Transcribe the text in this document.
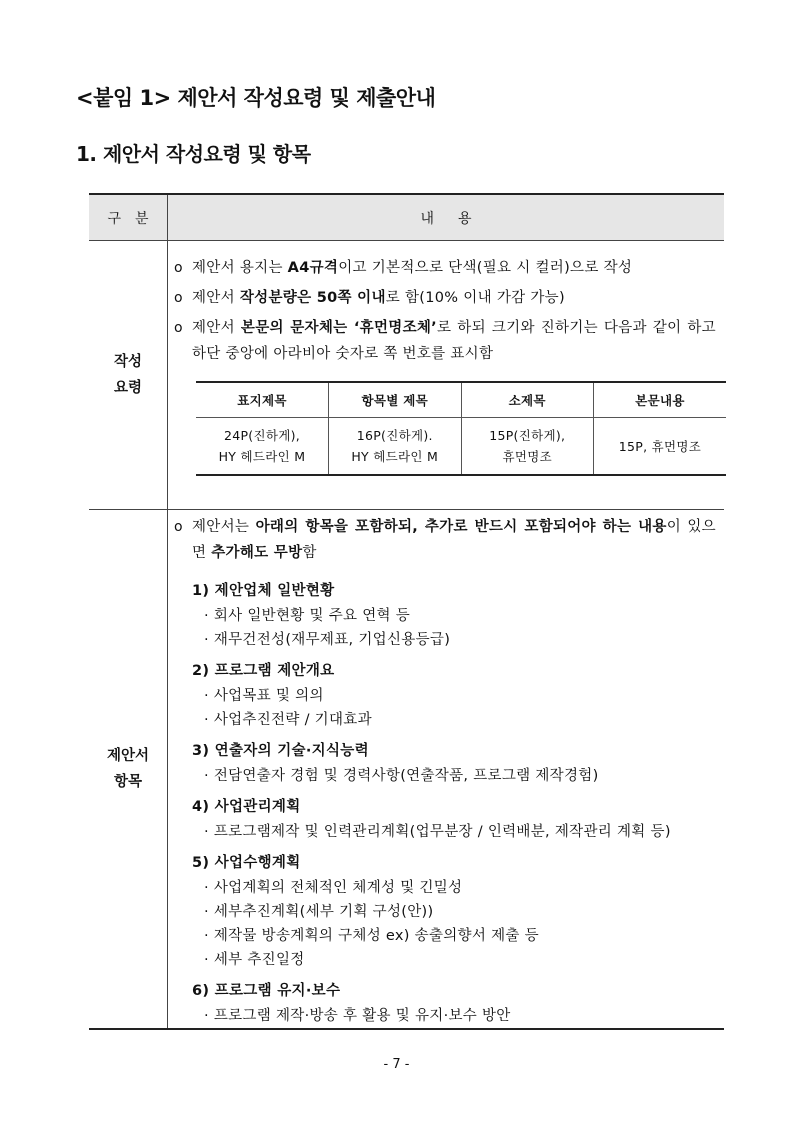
<붙임 1> 제안서 작성요령 및 제출안내
1. 제안서 작성요령 및 항목
구분	내용

작성
요령

o 제안서 용지는 A4규격이고 기본적으로 단색(필요 시 컬러)으로 작성
o 제안서 작성분량은 50쪽 이내로 함(10% 이내 가감 가능)
o 제안서 본문의 문자체는 ‘휴먼명조체’로 하되 크기와 진하기는 다음과 같이 하고 하단 중앙에 아라비아 숫자로 쪽 번호를 표시함
표지제목	항목별 제목	소제목	본문내용

24P(진하게),
HY 헤드라인 M

16P(진하게).
HY 헤드라인 M

15P(진하게),
휴먼명조

15P, 휴먼명조

제안서
항목

o 제안서는 아래의 항목을 포함하되, 추가로 반드시 포함되어야 하는 내용이 있으면 추가해도 무방함
1) 제안업체 일반현황
· 회사 일반현황 및 주요 연혁 등
· 재무건전성(재무제표, 기업신용등급)
2) 프로그램 제안개요
· 사업목표 및 의의
· 사업추진전략 / 기대효과
3) 연출자의 기술·지식능력
· 전담연출자 경험 및 경력사항(연출작품, 프로그램 제작경험)
4) 사업관리계획
· 프로그램제작 및 인력관리계획(업무분장 / 인력배분, 제작관리 계획 등)
5) 사업수행계획
· 사업계획의 전체적인 체계성 및 긴밀성
· 세부추진계획(세부 기획 구성(안))
· 제작물 방송계획의 구체성 ex) 송출의향서 제출 등
· 세부 추진일정
6) 프로그램 유지·보수
· 프로그램 제작·방송 후 활용 및 유지·보수 방안
- 7 -
